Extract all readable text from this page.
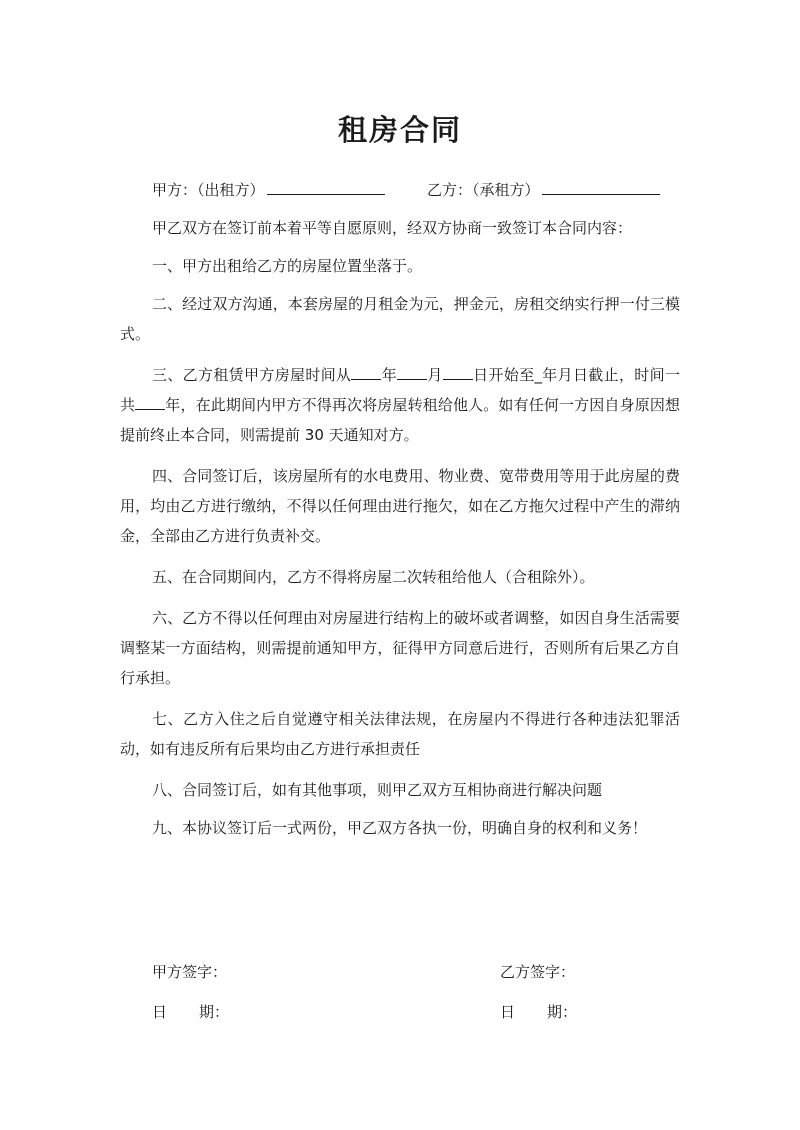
租房合同
甲方：（出租方）	乙方：（承租方）

甲乙双方在签订前本着平等自愿原则，经双方协商一致签订本合同内容：

一、甲方出租给乙方的房屋位置坐落于。

二、经过双方沟通，本套房屋的月租金为元，押金元，房租交纳实行押一付三模式。

三、乙方租赁甲方房屋时间从 年 月 日开始至_年月日截止，时间一共 年，在此期间内甲方不得再次将房屋转租给他人。如有任何一方因自身原因想提前终止本合同，则需提前 30 天通知对方。

四、合同签订后，该房屋所有的水电费用、物业费、宽带费用等用于此房屋的费用，均由乙方进行缴纳，不得以任何理由进行拖欠，如在乙方拖欠过程中产生的滞纳金，全部由乙方进行负责补交。

五、在合同期间内，乙方不得将房屋二次转租给他人（合租除外）。

六、乙方不得以任何理由对房屋进行结构上的破坏或者调整，如因自身生活需要调整某一方面结构，则需提前通知甲方，征得甲方同意后进行，否则所有后果乙方自行承担。

七、乙方入住之后自觉遵守相关法律法规，在房屋内不得进行各种违法犯罪活动，如有违反所有后果均由乙方进行承担责任

八、合同签订后，如有其他事项，则甲乙双方互相协商进行解决问题

九、本协议签订后一式两份，甲乙双方各执一份，明确自身的权利和义务！

甲方签字：	乙方签字：
日 期：	日 期：
